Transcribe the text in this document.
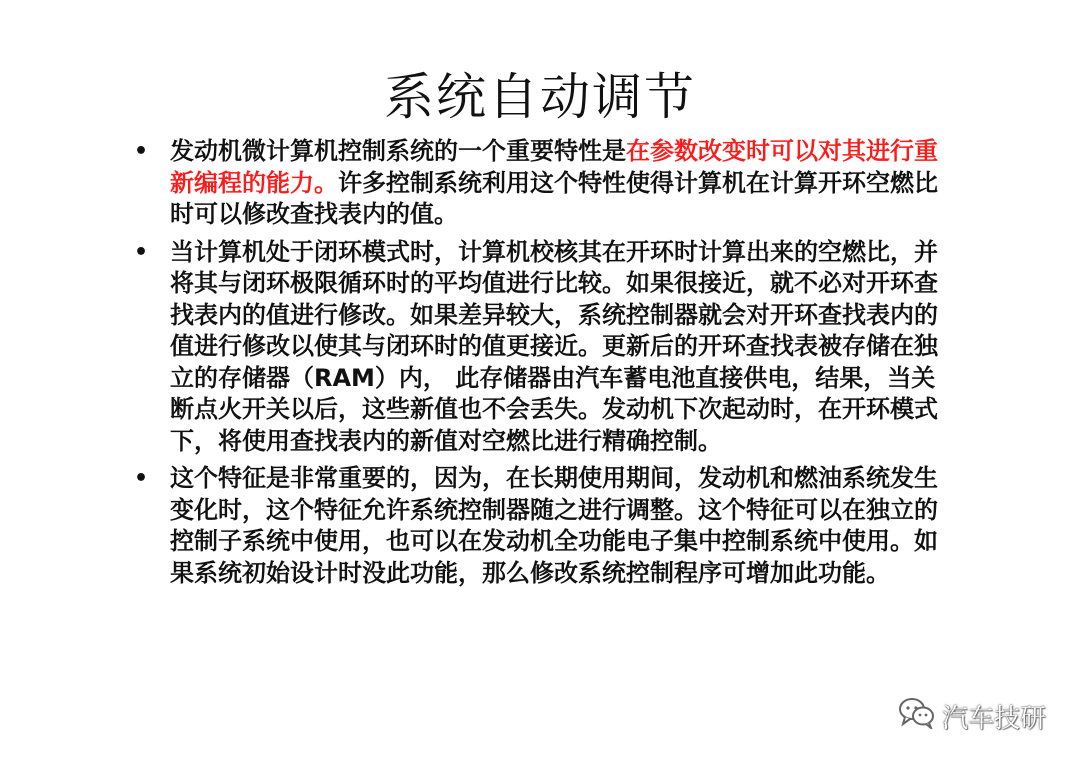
系统自动调节
• 发动机微计算机控制系统的一个重要特性是在参数改变时可以对其进行重新编程的能力。许多控制系统利用这个特性使得计算机在计算开环空燃比时可以修改查找表内的值。
• 当计算机处于闭环模式时，计算机校核其在开环时计算出来的空燃比，并将其与闭环极限循环时的平均值进行比较。如果很接近，就不必对开环查找表内的值进行修改。如果差异较大，系统控制器就会对开环查找表内的值进行修改以使其与闭环时的值更接近。更新后的开环查找表被存储在独立的存储器（RAM）内， 此存储器由汽车蓄电池直接供电，结果，当关断点火开关以后，这些新值也不会丢失。发动机下次起动时，在开环模式下，将使用查找表内的新值对空燃比进行精确控制。
• 这个特征是非常重要的，因为，在长期使用期间，发动机和燃油系统发生变化时，这个特征允许系统控制器随之进行调整。这个特征可以在独立的控制子系统中使用，也可以在发动机全功能电子集中控制系统中使用。如果系统初始设计时没此功能，那么修改系统控制程序可增加此功能。
汽车技研
